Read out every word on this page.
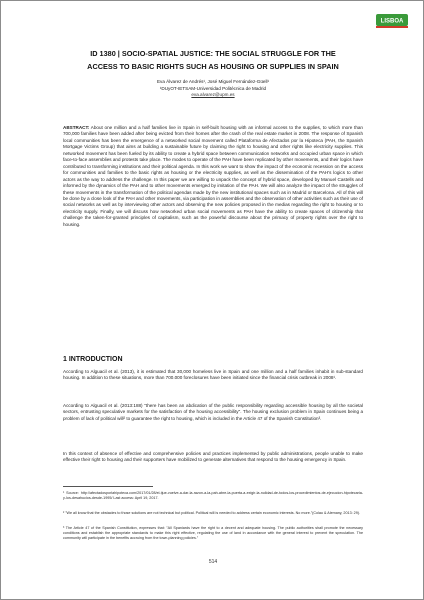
LISBOA
ID 1380 | SOCIO-SPATIAL JUSTICE: THE SOCIAL STRUGGLE FOR THE
ACCESS TO BASIC RIGHTS SUCH AS HOUSING OR SUPPLIES IN SPAIN
Eva Álvarez de Andrés¹, José Miguel Fernández-Güell¹
¹DUyOT-IETSAM-Universidad Politécnica de Madrid
eva.alvarez@upm.es
ABSTRACT: About one million and a half families live in Spain in self-built housing with an informal access to the supplies, to which more than 700,000 families have been added after being evicted from their homes after the crash of the real estate market in 2008. The response of Spanish local communities has been the emergence of a networked social movement called Plataforma de Afectados por la Hipoteca (PAH, the Spanish Mortgage Victims Group) that aims at building a sustainable future by claiming the right to housing and other rights like electricity supplies. This networked movement has been fueled by its ability to create a hybrid space between communication networks and occupied urban space in which face-to-face assemblies and protests take place. The modes to operate of the PAH have been replicated by other movements, and their logics have contributed to transforming institutions and their political agenda. In this work we want to show the impact of the economic recession on the access for communities and families to the basic rights as housing or the electricity supplies, as well as the dissemination of the PAH's logics to other actors as the way to address the challenge. In this paper we are willing to unpack the concept of hybrid space, developed by Manuel Castells and informed by the dynamics of the PAH and to other movements emerged by imitation of the PAH. We will also analyze the impact of the struggles of these movements in the transformation of the political agendas made by the new institutional spaces such as in Madrid or Barcelona. All of this will be done by a close look of the PAH and other movements, via participation in assemblies and the observation of other activities such as their use of social networks as well as by interviewing other actors and observing the new policies proposed in the medias regarding the right to housing or to electricity supply. Finally, we will discuss how networked urban social movements as PAH have the ability to create spaces of citizenship that challenge the taken-for-granted principles of capitalism, such as the powerful discourse about the primacy of property rights over the right to housing.
1 INTRODUCTION
According to Alguacil et al. (2013), it is estimated that 30,000 homeless live in Spain and one million and a half families inhabit in sub-standard housing. In addition to these situations, more than 700.000 foreclosures have been initiated since the financial crisis outbreak in 2008¹.
According to Alguacil et al. (2013:188) "there has been an abdication of the public responsibility regarding accessible housing by all the societal sectors, entrusting speculative markets for the satisfaction of the housing accessibility". The housing exclusion problem in Spain continues being a problem of lack of political will² to guarantee the right to housing, which is included in the Article 47 of the Spanish Constitution³.
In this context of absence of effective and comprehensive policies and practices implemented by public administrations, people unable to make effective their right to housing and their supporters have mobilized to generate alternatives that respond to the housing emergency in Spain.
¹ Source: http://afectadosporlahipoteca.com/2017/01/28/el-tjue-vuelve-a-dar-la-razon-a-la-pah-abre-la-puerta-a-exigir-la-nulidad-de-todos-los-procedimientos-de-ejecucion-hipotecaria-y-los-desahucios-desde-1995/ Last access: April 19, 2017.
² "We all know that the obstacles to those solutions are not technical but political. Political will is needed to address certain economic interests. No more."(Colau & Alemany, 2013: 29).
³ The Article 47 of the Spanish Constitution, expresses that: "All Spaniards have the right to a decent and adequate housing. The public authorities shall promote the necessary conditions and establish the appropriate standards to make this right effective, regulating the use of land in accordance with the general interest to prevent the speculation. The community will participate in the benefits accruing from the town-planning policies."
514
